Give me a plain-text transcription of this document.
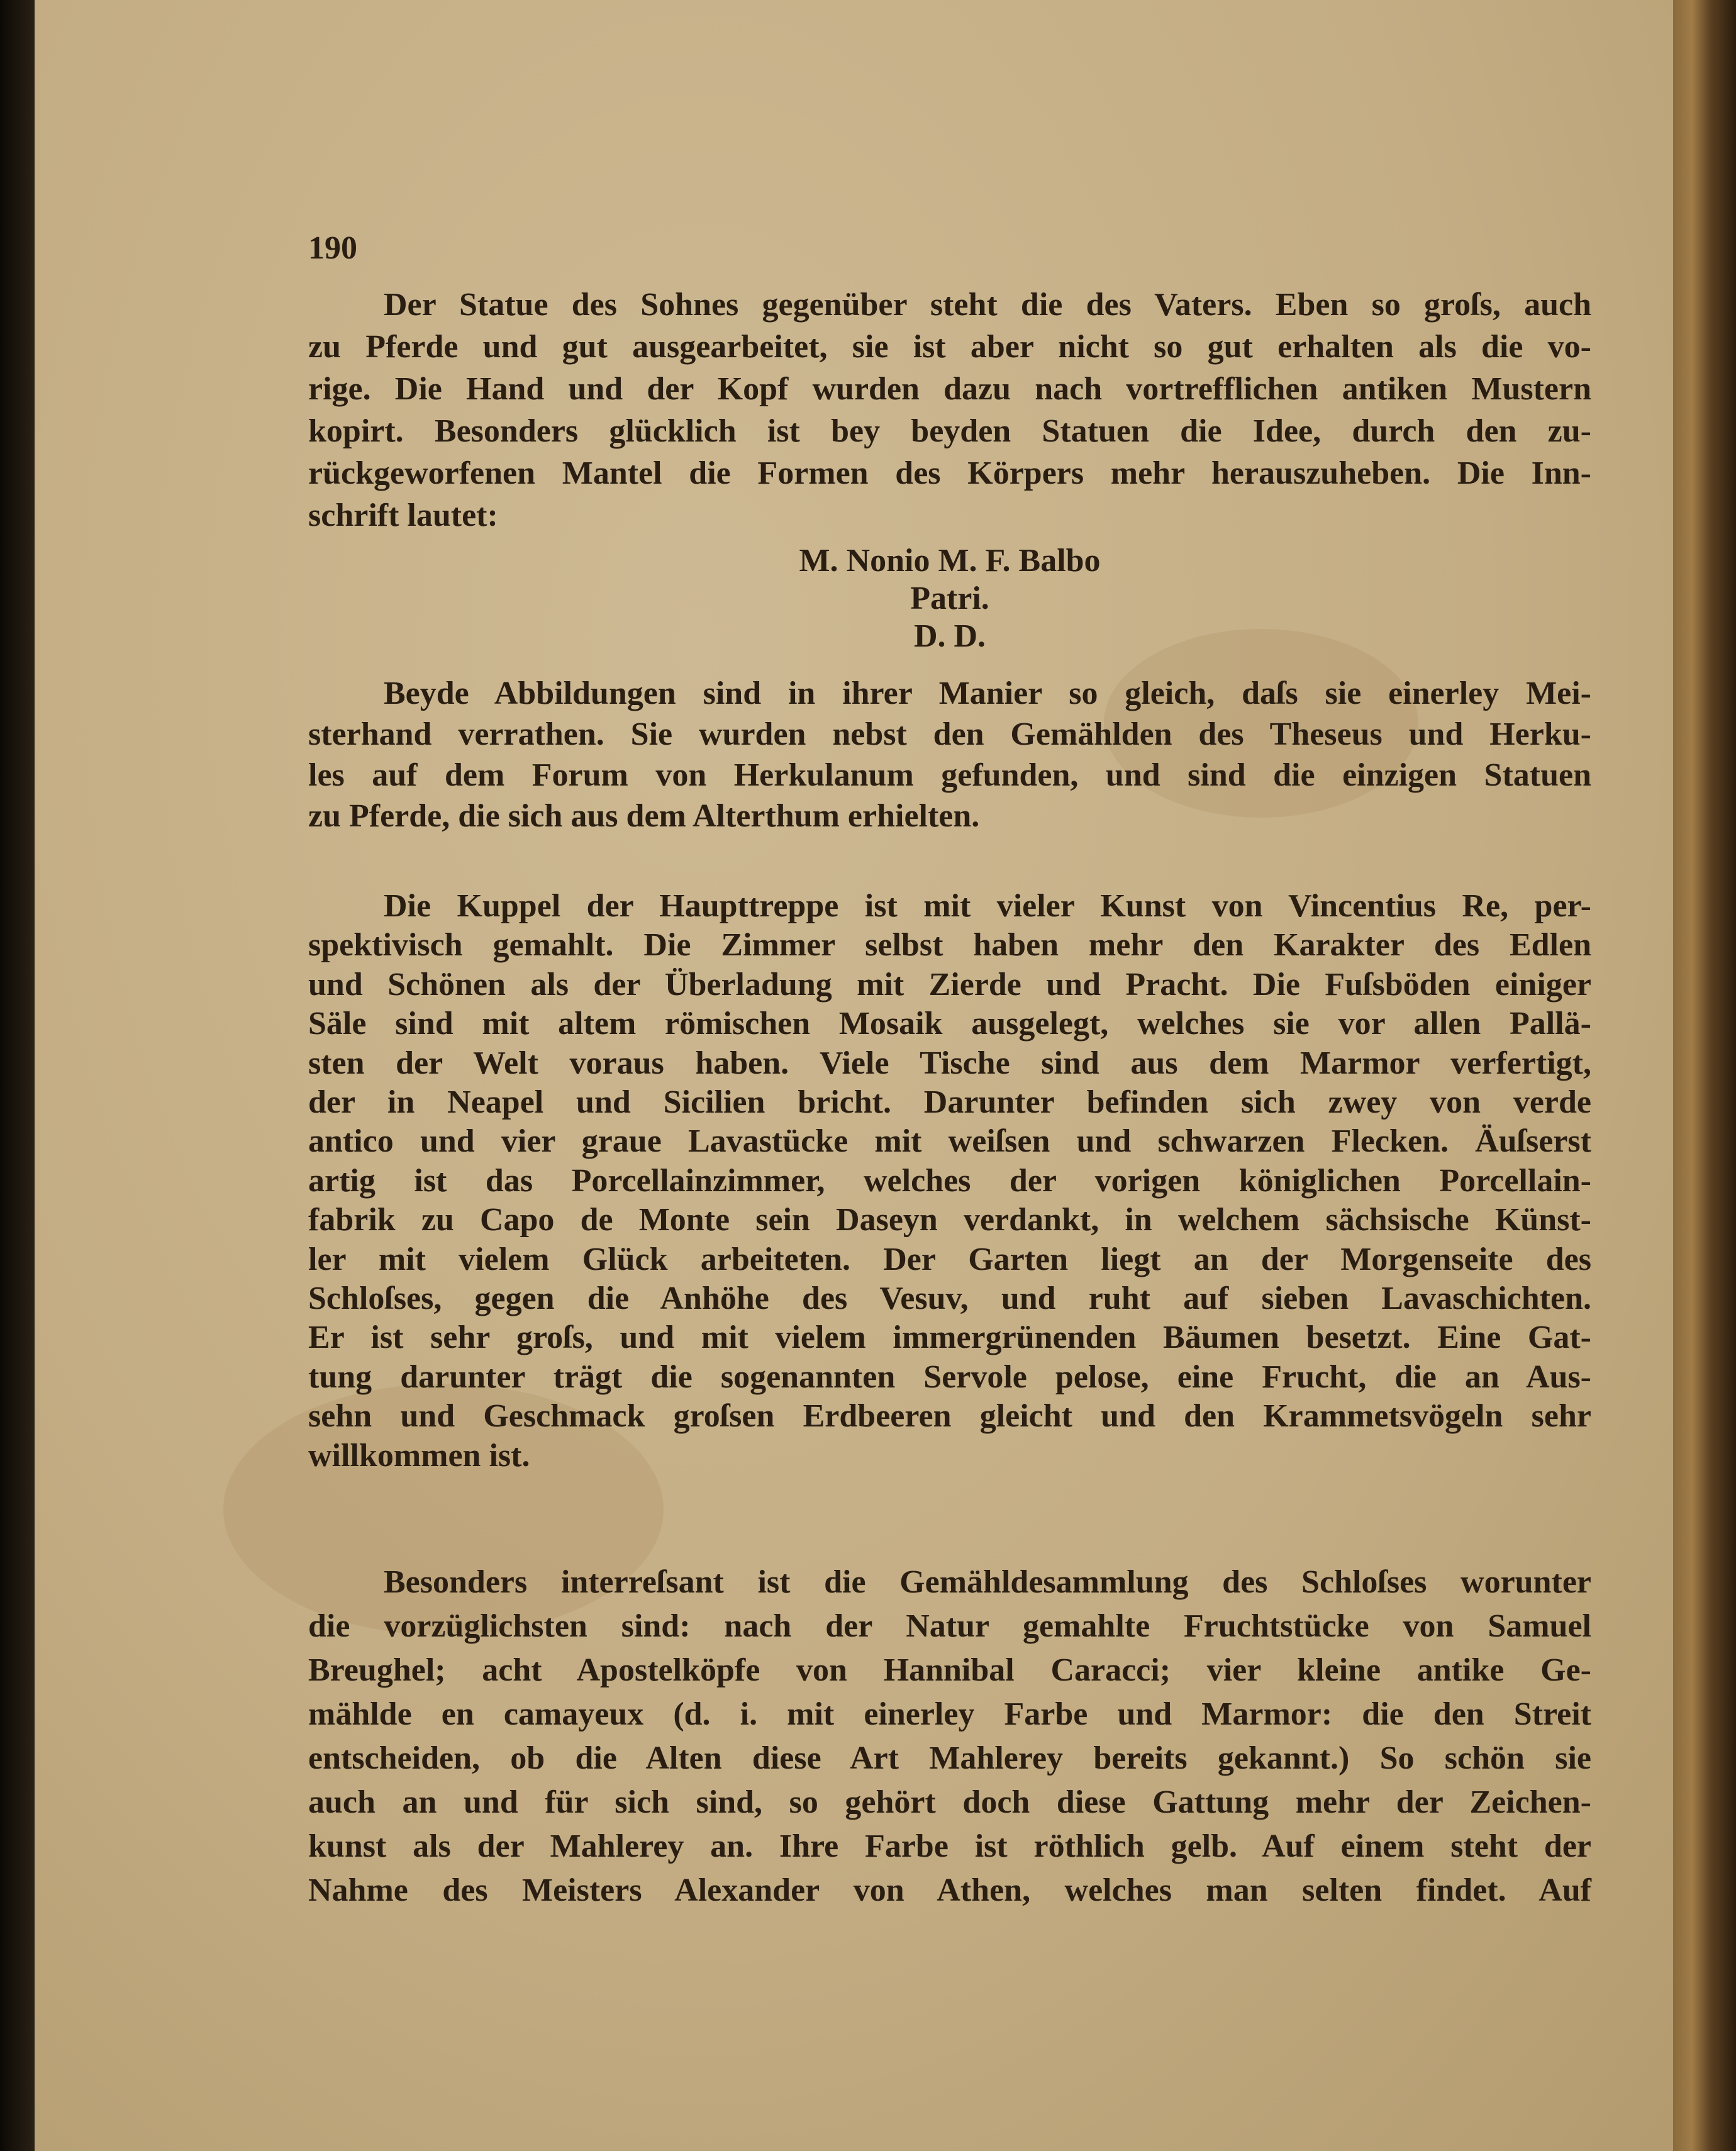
190
Der Statue des Sohnes gegenüber steht die des Vaters. Eben so groſs, auch
zu Pferde und gut ausgearbeitet, sie ist aber nicht so gut erhalten als die vo-
rige. Die Hand und der Kopf wurden dazu nach vortrefflichen antiken Mustern
kopirt. Besonders glücklich ist bey beyden Statuen die Idee, durch den zu-
rückgeworfenen Mantel die Formen des Körpers mehr herauszuheben. Die Inn-
schrift lautet:
M. Nonio M. F. Balbo
Patri.
D. D.
Beyde Abbildungen sind in ihrer Manier so gleich, daſs sie einerley Mei-
sterhand verrathen. Sie wurden nebst den Gemählden des Theseus und Herku-
les auf dem Forum von Herkulanum gefunden, und sind die einzigen Statuen
zu Pferde, die sich aus dem Alterthum erhielten.
Die Kuppel der Haupttreppe ist mit vieler Kunst von Vincentius Re, per-
spektivisch gemahlt. Die Zimmer selbst haben mehr den Karakter des Edlen
und Schönen als der Überladung mit Zierde und Pracht. Die Fuſsböden einiger
Säle sind mit altem römischen Mosaik ausgelegt, welches sie vor allen Pallä-
sten der Welt voraus haben. Viele Tische sind aus dem Marmor verfertigt,
der in Neapel und Sicilien bricht. Darunter befinden sich zwey von verde
antico und vier graue Lavastücke mit weiſsen und schwarzen Flecken. Äuſserst
artig ist das Porcellainzimmer, welches der vorigen königlichen Porcellain-
fabrik zu Capo de Monte sein Daseyn verdankt, in welchem sächsische Künst-
ler mit vielem Glück arbeiteten. Der Garten liegt an der Morgenseite des
Schloſses, gegen die Anhöhe des Vesuv, und ruht auf sieben Lavaschichten.
Er ist sehr groſs, und mit vielem immergrünenden Bäumen besetzt. Eine Gat-
tung darunter trägt die sogenannten Servole pelose, eine Frucht, die an Aus-
sehn und Geschmack groſsen Erdbeeren gleicht und den Krammetsvögeln sehr
willkommen ist.
Besonders interreſsant ist die Gemähldesammlung des Schloſses worunter
die vorzüglichsten sind: nach der Natur gemahlte Fruchtstücke von Samuel
Breughel; acht Apostelköpfe von Hannibal Caracci; vier kleine antike Ge-
mählde en camayeux (d. i. mit einerley Farbe und Marmor: die den Streit
entscheiden, ob die Alten diese Art Mahlerey bereits gekannt.) So schön sie
auch an und für sich sind, so gehört doch diese Gattung mehr der Zeichen-
kunst als der Mahlerey an. Ihre Farbe ist röthlich gelb. Auf einem steht der
Nahme des Meisters Alexander von Athen, welches man selten findet. Auf
